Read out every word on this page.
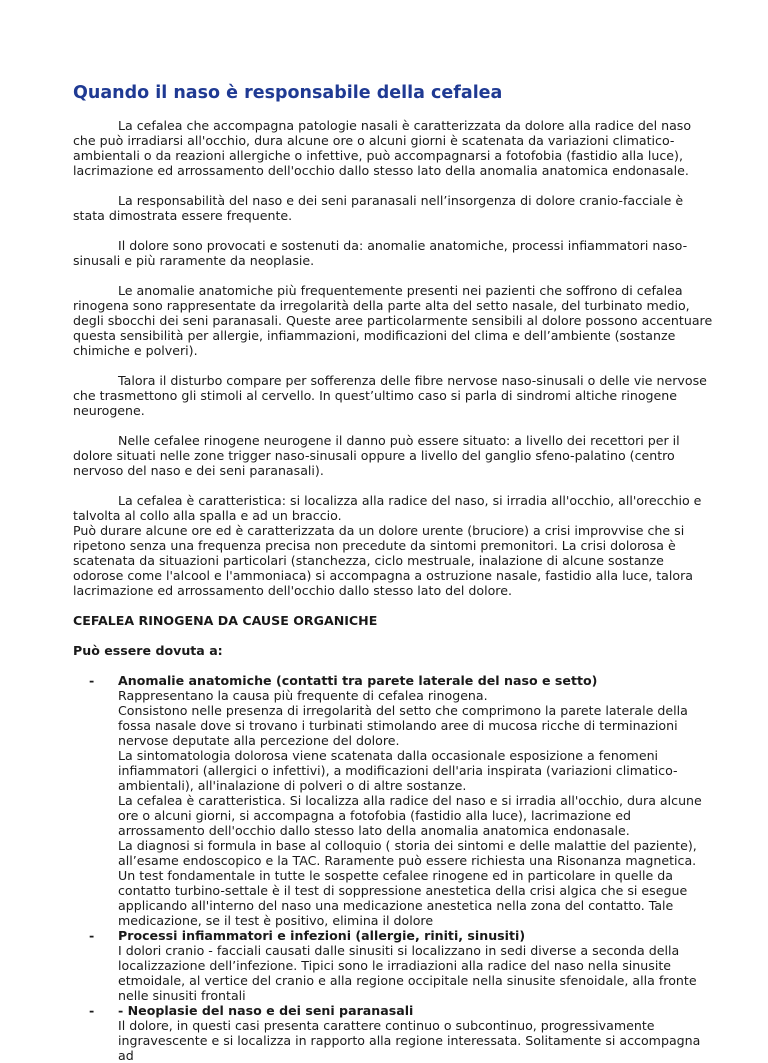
Quando il naso è responsabile della cefalea

La cefalea che accompagna patologie nasali è caratterizzata da dolore alla radice del naso che può irradiarsi all'occhio, dura alcune ore o alcuni giorni è scatenata da variazioni climatico-ambientali o da reazioni allergiche o infettive, può accompagnarsi a fotofobia (fastidio alla luce), lacrimazione ed arrossamento dell'occhio dallo stesso lato della anomalia anatomica endonasale.

La responsabilità del naso e dei seni paranasali nell’insorgenza di dolore cranio-facciale è stata dimostrata essere frequente.

Il dolore sono provocati e sostenuti da: anomalie anatomiche, processi infiammatori naso-sinusali e più raramente da neoplasie.

Le anomalie anatomiche più frequentemente presenti nei pazienti che soffrono di cefalea rinogena sono rappresentate da irregolarità della parte alta del setto nasale, del turbinato medio, degli sbocchi dei seni paranasali. Queste aree particolarmente sensibili al dolore possono accentuare questa sensibilità per allergie, infiammazioni, modificazioni del clima e dell’ambiente (sostanze chimiche e polveri).

Talora il disturbo compare per sofferenza delle fibre nervose naso-sinusali o delle vie nervose che trasmettono gli stimoli al cervello. In quest’ultimo caso si parla di sindromi altiche rinogene neurogene.

Nelle cefalee rinogene neurogene il danno può essere situato: a livello dei recettori per il dolore situati nelle zone trigger naso-sinusali oppure a livello del ganglio sfeno-palatino (centro nervoso del naso e dei seni paranasali).

La cefalea è caratteristica: si localizza alla radice del naso, si irradia all'occhio, all'orecchio e talvolta al collo alla spalla e ad un braccio.
Può durare alcune ore ed è caratterizzata da un dolore urente (bruciore) a crisi improvvise che si ripetono senza una frequenza precisa non precedute da sintomi premonitori. La crisi dolorosa è scatenata da situazioni particolari (stanchezza, ciclo mestruale, inalazione di alcune sostanze odorose come l'alcool e l'ammoniaca) si accompagna a ostruzione nasale, fastidio alla luce, talora lacrimazione ed arrossamento dell'occhio dallo stesso lato del dolore.

CEFALEA RINOGENA DA CAUSE ORGANICHE
Può essere dovuta a:
- Anomalie anatomiche (contatti tra parete laterale del naso e setto)
Rappresentano la causa più frequente di cefalea rinogena.
Consistono nelle presenza di irregolarità del setto che comprimono la parete laterale della fossa nasale dove si trovano i turbinati stimolando aree di mucosa ricche di terminazioni nervose deputate alla percezione del dolore.
La sintomatologia dolorosa viene scatenata dalla occasionale esposizione a fenomeni infiammatori (allergici o infettivi), a modificazioni dell'aria inspirata (variazioni climatico-ambientali), all'inalazione di polveri o di altre sostanze.
La cefalea è caratteristica. Si localizza alla radice del naso e si irradia all'occhio, dura alcune ore o alcuni giorni, si accompagna a fotofobia (fastidio alla luce), lacrimazione ed arrossamento dell'occhio dallo stesso lato della anomalia anatomica endonasale.
La diagnosi si formula in base al colloquio ( storia dei sintomi e delle malattie del paziente), all’esame endoscopico e la TAC. Raramente può essere richiesta una Risonanza magnetica.
Un test fondamentale in tutte le sospette cefalee rinogene ed in particolare in quelle da contatto turbino-settale è il test di soppressione anestetica della crisi algica che si esegue applicando all'interno del naso una medicazione anestetica nella zona del contatto. Tale medicazione, se il test è positivo, elimina il dolore
- Processi infiammatori e infezioni (allergie, riniti, sinusiti)
I dolori cranio - facciali causati dalle sinusiti si localizzano in sedi diverse a seconda della localizzazione dell’infezione. Tipici sono le irradiazioni alla radice del naso nella sinusite etmoidale, al vertice del cranio e alla regione occipitale nella sinusite sfenoidale, alla fronte nelle sinusiti frontali
- - Neoplasie del naso e dei seni paranasali
Il dolore, in questi casi presenta carattere continuo o subcontinuo, progressivamente ingravescente e si localizza in rapporto alla regione interessata. Solitamente si accompagna ad
